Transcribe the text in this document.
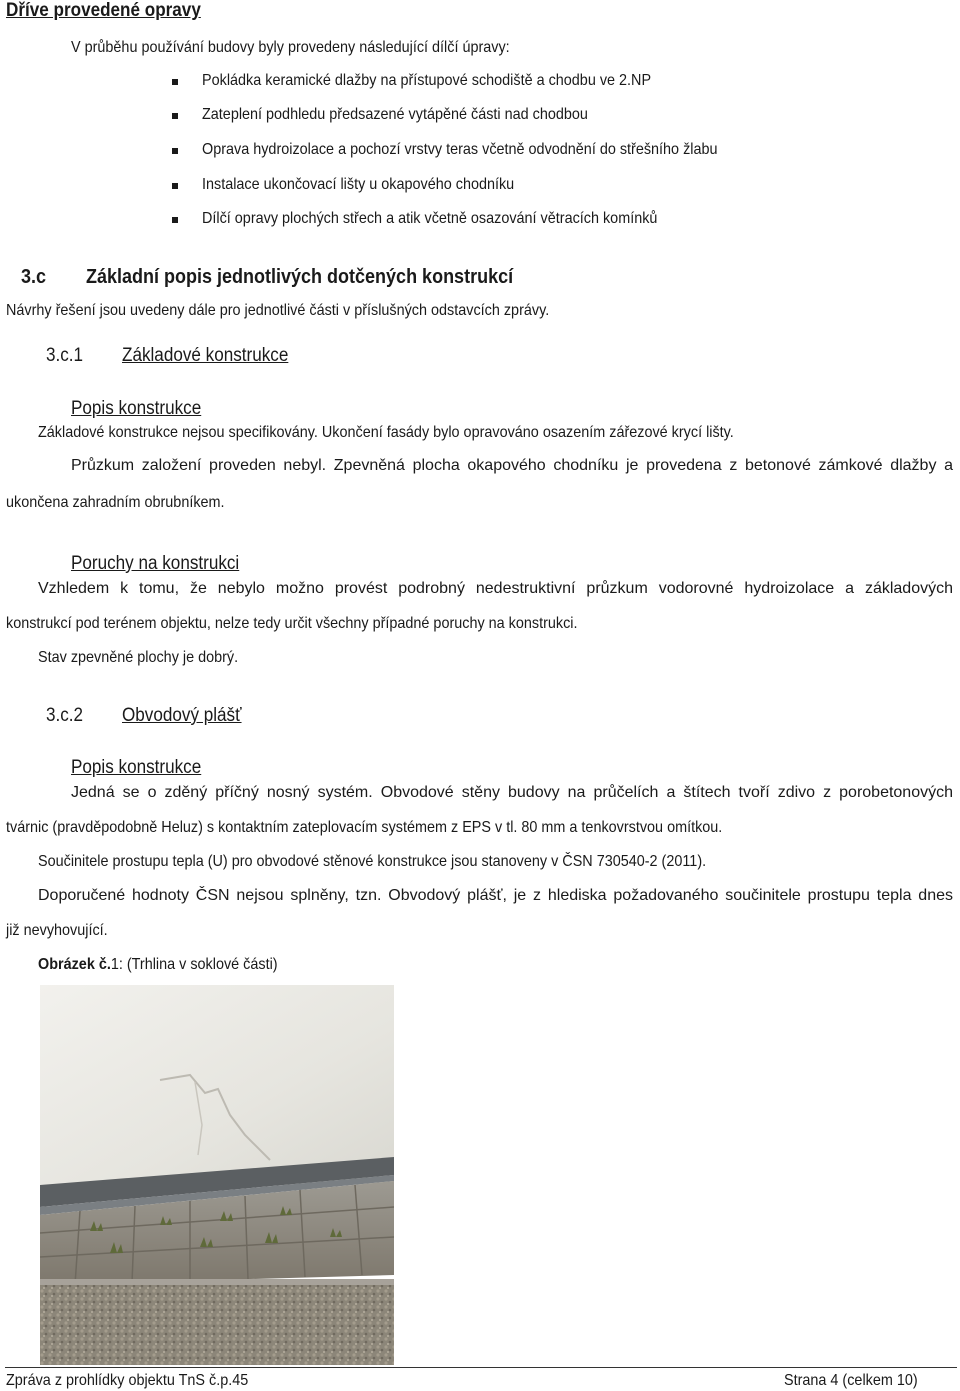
Dříve provedené opravy
V průběhu používání budovy byly provedeny následující dílčí úpravy:
Pokládka keramické dlažby na přístupové schodiště a chodbu ve 2.NP
Zateplení podhledu předsazené vytápěné části nad chodbou
Oprava hydroizolace a pochozí vrstvy teras včetně odvodnění do střešního žlabu
Instalace ukončovací lišty u okapového chodníku
Dílčí opravy plochých střech a atik včetně osazování větracích komínků
3.c Základní popis jednotlivých dotčených konstrukcí
Návrhy řešení jsou uvedeny dále pro jednotlivé části v příslušných odstavcích zprávy.
3.c.1 Základové konstrukce
Popis konstrukce
Základové konstrukce nejsou specifikovány. Ukončení fasády bylo opravováno osazením zářezové krycí lišty.
Průzkum založení proveden nebyl. Zpevněná plocha okapového chodníku je provedena z betonové zámkové dlažby a
ukončena zahradním obrubníkem.
Poruchy na konstrukci
Vzhledem k tomu, že nebylo možno provést podrobný nedestruktivní průzkum vodorovné hydroizolace a základových
konstrukcí pod terénem objektu, nelze tedy určit všechny případné poruchy na konstrukci.
Stav zpevněné plochy je dobrý.
3.c.2 Obvodový plášť
Popis konstrukce
Jedná se o zděný příčný nosný systém. Obvodové stěny budovy na průčelích a štítech tvoří zdivo z porobetonových
tvárnic (pravděpodobně Heluz) s kontaktním zateplovacím systémem z EPS v tl. 80 mm a tenkovrstvou omítkou.
Součinitele prostupu tepla (U) pro obvodové stěnové konstrukce jsou stanoveny v ČSN 730540-2 (2011).
Doporučené hodnoty ČSN nejsou splněny, tzn. Obvodový plášť, je z hlediska požadovaného součinitele prostupu tepla dnes
již nevyhovující.
Obrázek č.1: (Trhlina v soklové části)
Zpráva z prohlídky objektu TnS č.p.45	Strana 4 (celkem 10)
